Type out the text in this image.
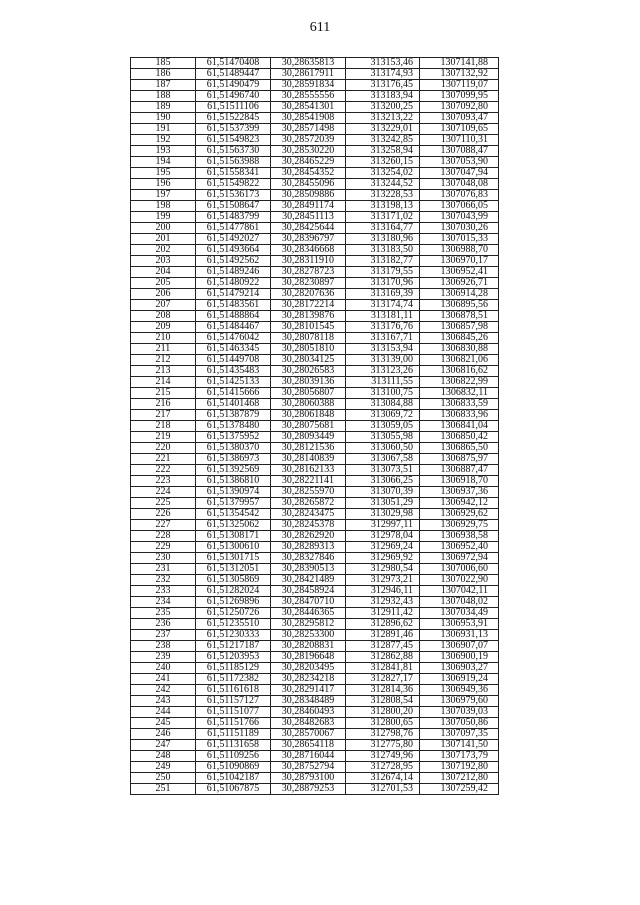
611
185	61,51470408	30,28635813	313153,46	1307141,88
186	61,51489447	30,28617911	313174,93	1307132,92
187	61,51490479	30,28591834	313176,45	1307119,07
188	61,51496740	30,28555556	313183,94	1307099,95
189	61,51511106	30,28541301	313200,25	1307092,80
190	61,51522845	30,28541908	313213,22	1307093,47
191	61,51537399	30,28571498	313229,01	1307109,65
192	61,51549823	30,28572039	313242,85	1307110,31
193	61,51563730	30,28530220	313258,94	1307088,47
194	61,51563988	30,28465229	313260,15	1307053,90
195	61,51558341	30,28454352	313254,02	1307047,94
196	61,51549822	30,28455096	313244,52	1307048,08
197	61,51536173	30,28509886	313228,53	1307076,83
198	61,51508647	30,28491174	313198,13	1307066,05
199	61,51483799	30,28451113	313171,02	1307043,99
200	61,51477861	30,28425644	313164,77	1307030,26
201	61,51492027	30,28396797	313180,96	1307015,33
202	61,51493664	30,28346668	313183,50	1306988,70
203	61,51492562	30,28311910	313182,77	1306970,17
204	61,51489246	30,28278723	313179,55	1306952,41
205	61,51480922	30,28230897	313170,96	1306926,71
206	61,51479214	30,28207636	313169,39	1306914,28
207	61,51483561	30,28172214	313174,74	1306895,56
208	61,51488864	30,28139876	313181,11	1306878,51
209	61,51484467	30,28101545	313176,76	1306857,98
210	61,51476042	30,28078118	313167,71	1306845,26
211	61,51463345	30,28051810	313153,94	1306830,88
212	61,51449708	30,28034125	313139,00	1306821,06
213	61,51435483	30,28026583	313123,26	1306816,62
214	61,51425133	30,28039136	313111,55	1306822,99
215	61,51415666	30,28056807	313100,75	1306832,11
216	61,51401468	30,28060388	313084,88	1306833,59
217	61,51387879	30,28061848	313069,72	1306833,96
218	61,51378480	30,28075681	313059,05	1306841,04
219	61,51375952	30,28093449	313055,98	1306850,42
220	61,51380370	30,28121536	313060,50	1306865,50
221	61,51386973	30,28140839	313067,58	1306875,97
222	61,51392569	30,28162133	313073,51	1306887,47
223	61,51386810	30,28221141	313066,25	1306918,70
224	61,51390974	30,28255970	313070,39	1306937,36
225	61,51379957	30,28265872	313051,29	1306942,12
226	61,51354542	30,28243475	313029,98	1306929,62
227	61,51325062	30,28245378	312997,11	1306929,75
228	61,51308171	30,28262920	312978,04	1306938,58
229	61,51300610	30,28289313	312969,24	1306952,40
230	61,51301715	30,28327846	312969,92	1306972,94
231	61,51312051	30,28390513	312980,54	1307006,60
232	61,51305869	30,28421489	312973,21	1307022,90
233	61,51282024	30,28458924	312946,11	1307042,11
234	61,51269896	30,28470710	312932,43	1307048,02
235	61,51250726	30,28446365	312911,42	1307034,49
236	61,51235510	30,28295812	312896,62	1306953,91
237	61,51230333	30,28253300	312891,46	1306931,13
238	61,51217187	30,28208831	312877,45	1306907,07
239	61,51203953	30,28196648	312862,88	1306900,19
240	61,51185129	30,28203495	312841,81	1306903,27
241	61,51172382	30,28234218	312827,17	1306919,24
242	61,51161618	30,28291417	312814,36	1306949,36
243	61,51157127	30,28348489	312808,54	1306979,60
244	61,51151077	30,28460493	312800,20	1307039,03
245	61,51151766	30,28482683	312800,65	1307050,86
246	61,51151189	30,28570067	312798,76	1307097,35
247	61,51131658	30,28654118	312775,80	1307141,50
248	61,51109256	30,28716044	312749,96	1307173,79
249	61,51090869	30,28752794	312728,95	1307192,80
250	61,51042187	30,28793100	312674,14	1307212,80
251	61,51067875	30,28879253	312701,53	1307259,42
